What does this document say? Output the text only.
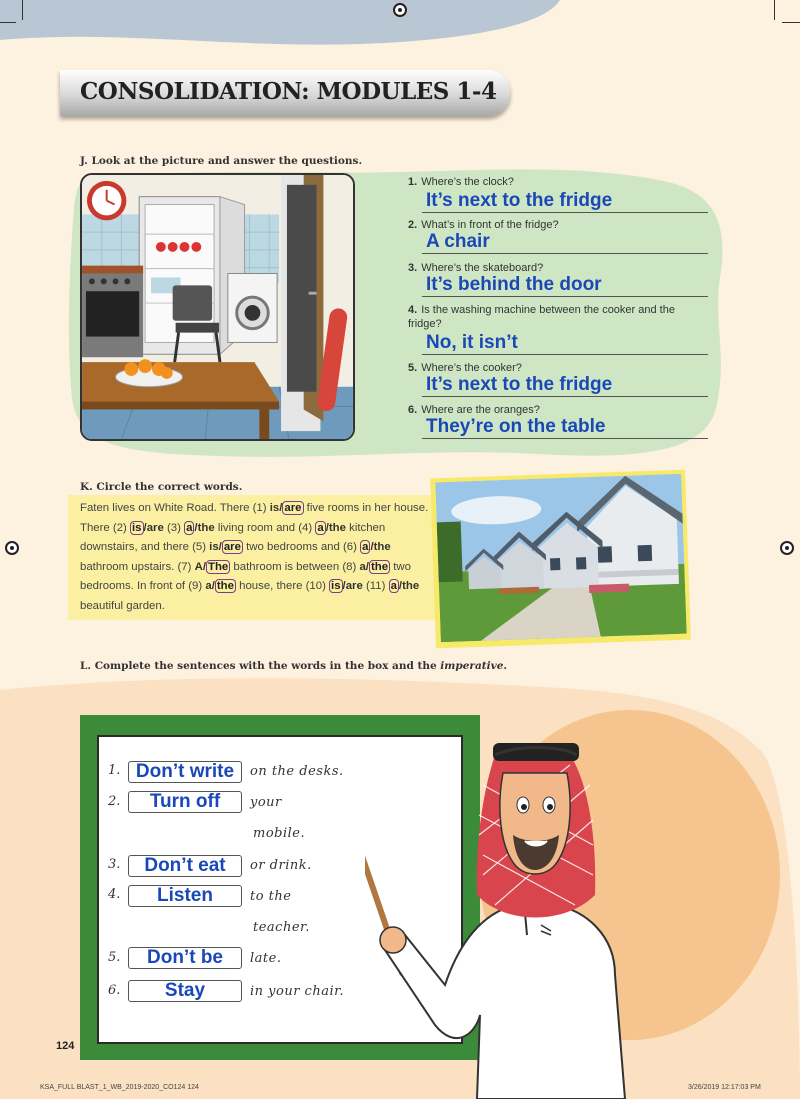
CONSOLIDATION: MODULES 1-4
J. Look at the picture and answer the questions.
1. Where’s the clock?
It’s next to the fridge
2. What’s in front of the fridge?
A chair
3. Where’s the skateboard?
It’s behind the door
4. Is the washing machine between the cooker and the fridge?
No, it isn’t
5. Where’s the cooker?
It’s next to the fridge
6. Where are the oranges?
They’re on the table
K. Circle the correct words.
Faten lives on White Road. There (1) is/ are five rooms in her house. There (2) is /are (3) a /the living room and (4) a /the kitchen downstairs, and there (5) is/ are two bedrooms and (6) a /the bathroom upstairs. (7) A/ The bathroom is between (8) a/ the two bedrooms. In front of (9) a/ the house, there (10) is /are (11) a /the beautiful garden.
L. Complete the sentences with the words in the box and the imperative.
1. Don’t write	on the desks.
2.	Turn off	your
mobile.
3.	Don’t eat	or drink.
4.	Listen	to the
teacher.
5.	Don’t be	late.
6.	Stay	in your chair.
124
KSA_FULL BLAST_1_WB_2019-2020_CO124 124	3/26/2019 12:17:03 PM
